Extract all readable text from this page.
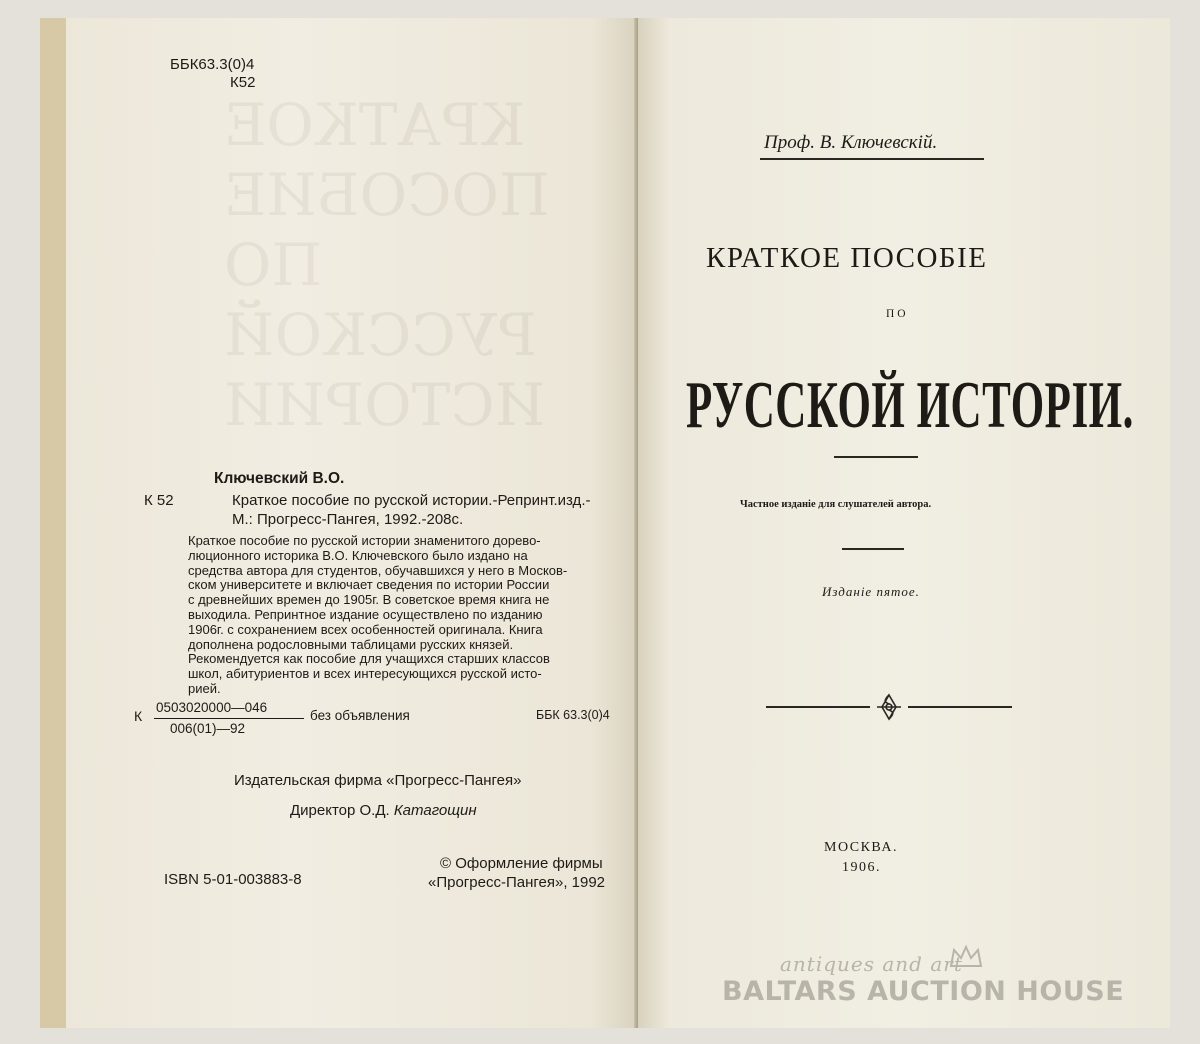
КРАТКОЕ
ПОСОБИЕ
ПО РУССКОЙ
ИСТОРИИ
ББК63.3(0)4
К52
Ключевский В.О.
К 52	Краткое пособие по русской истории.-Репринт.изд.-
М.: Прогресс-Пангея, 1992.-208с.
Краткое пособие по русской истории знаменитого дорево-
люционного историка В.О. Ключевского было издано на
средства автора для студентов, обучавшихся у него в Москов-
ском университете и включает сведения по истории России
с древнейших времен до 1905г. В советское время книга не
выходила. Репринтное издание осуществлено по изданию
1906г. с сохранением всех особенностей оригинала. Книга
дополнена родословными таблицами русских князей.
Рекомендуется как пособие для учащихся старших классов
школ, абитуриентов и всех интересующихся русской исто-
рией.
К
0503020000—046
006(01)—92
без объявления	ББК 63.3(0)4
Издательская фирма «Прогресс-Пангея»
Директор О.Д. Катагощин
ISBN 5-01-003883-8
© Оформление фирмы
«Прогресс-Пангея», 1992
Проф. В. Ключевскій.
КРАТКОЕ ПОСОБІЕ
ПО
РУССКОЙ ИСТОРІИ.
Частное изданіе для слушателей автора.
Изданіе пятое.
МОСКВА.
1906.
antiques and art
BALTARS AUCTION HOUSE
